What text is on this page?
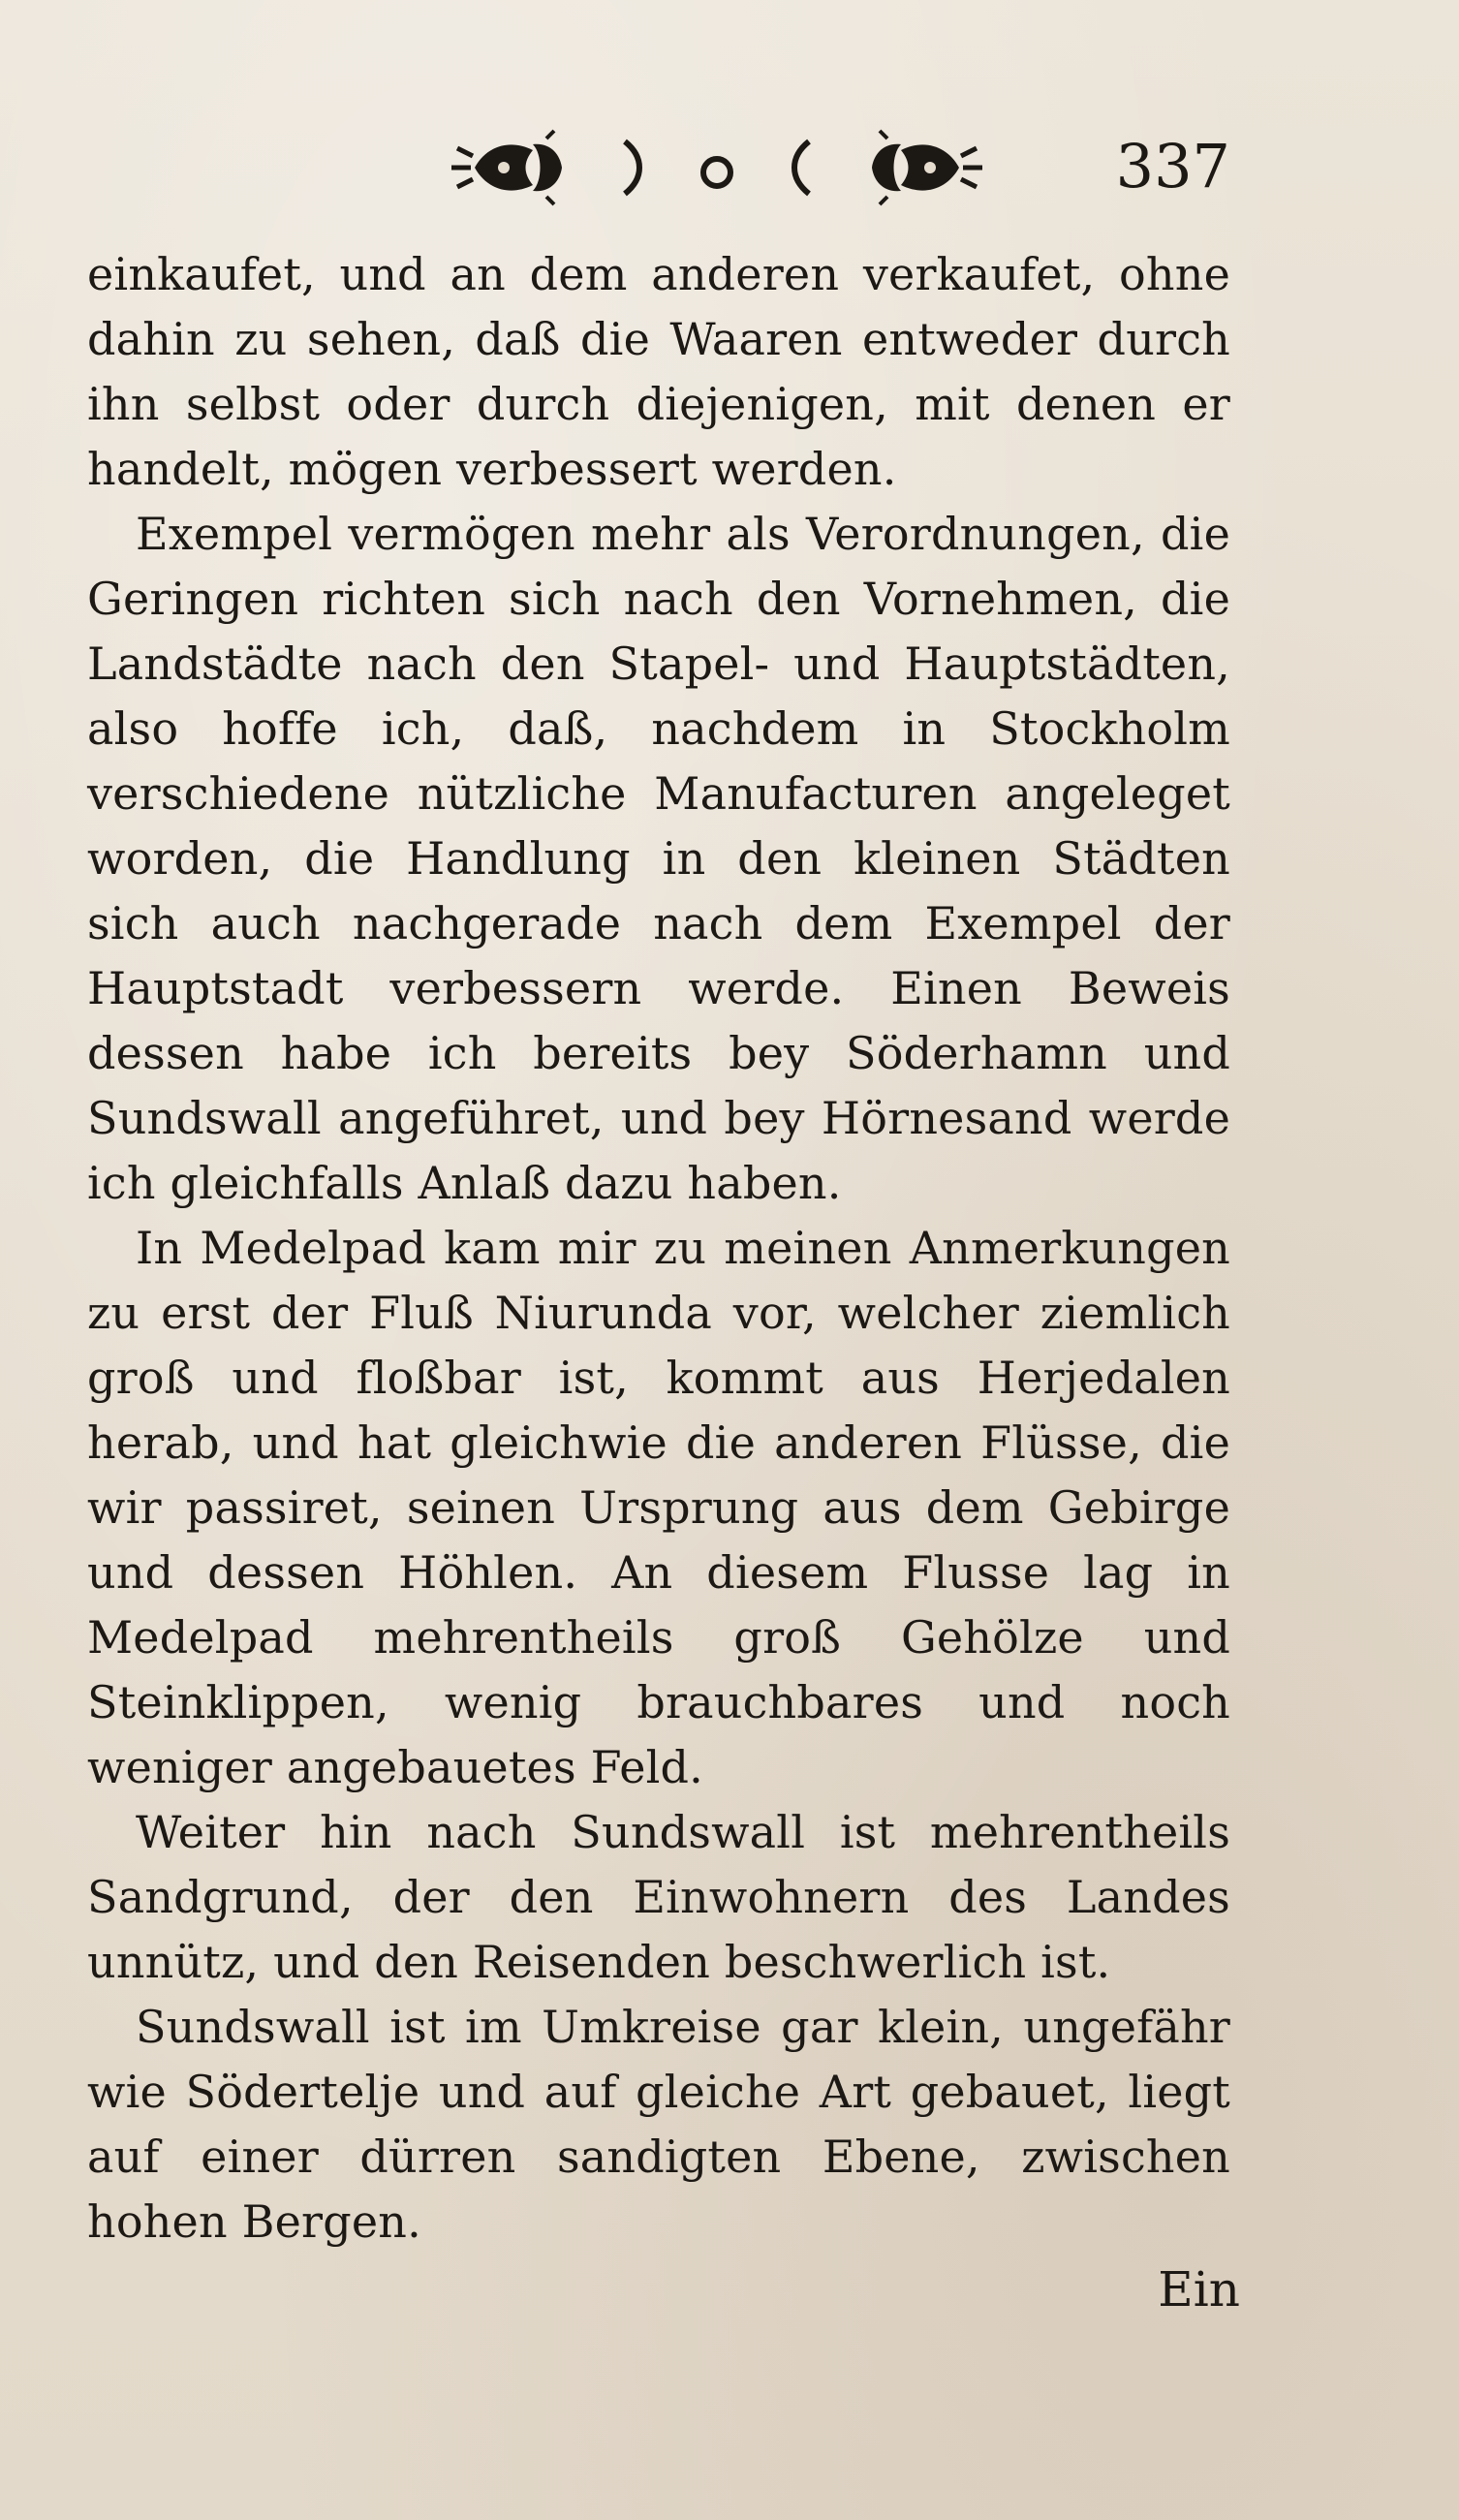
337

einkaufet, und an dem anderen verkaufet, ohne dahin zu sehen, daß die Waaren entweder durch ihn selbst oder durch diejenigen, mit denen er handelt, mögen verbessert werden.

Exempel vermögen mehr als Verordnungen, die Geringen richten sich nach den Vornehmen, die Landstädte nach den Stapel- und Hauptstädten, also hoffe ich, daß, nachdem in Stockholm verschiedene nützliche Manufacturen angeleget worden, die Handlung in den kleinen Städten sich auch nachgerade nach dem Exempel der Hauptstadt verbessern werde. Einen Beweis dessen habe ich bereits bey Söderhamn und Sundswall angeführet, und bey Hörnesand werde ich gleichfalls Anlaß dazu haben.

In Medelpad kam mir zu meinen Anmerkungen zu erst der Fluß Niurunda vor, welcher ziemlich groß und floßbar ist, kommt aus Herjedalen herab, und hat gleichwie die anderen Flüsse, die wir passiret, seinen Ursprung aus dem Gebirge und dessen Höhlen. An diesem Flusse lag in Medelpad mehrentheils groß Gehölze und Steinklippen, wenig brauchbares und noch weniger angebauetes Feld.

Weiter hin nach Sundswall ist mehrentheils Sandgrund, der den Einwohnern des Landes unnütz, und den Reisenden beschwerlich ist.

Sundswall ist im Umkreise gar klein, ungefähr wie Södertelje und auf gleiche Art gebauet, liegt auf einer dürren sandigten Ebene, zwischen hohen Bergen.

Ein
